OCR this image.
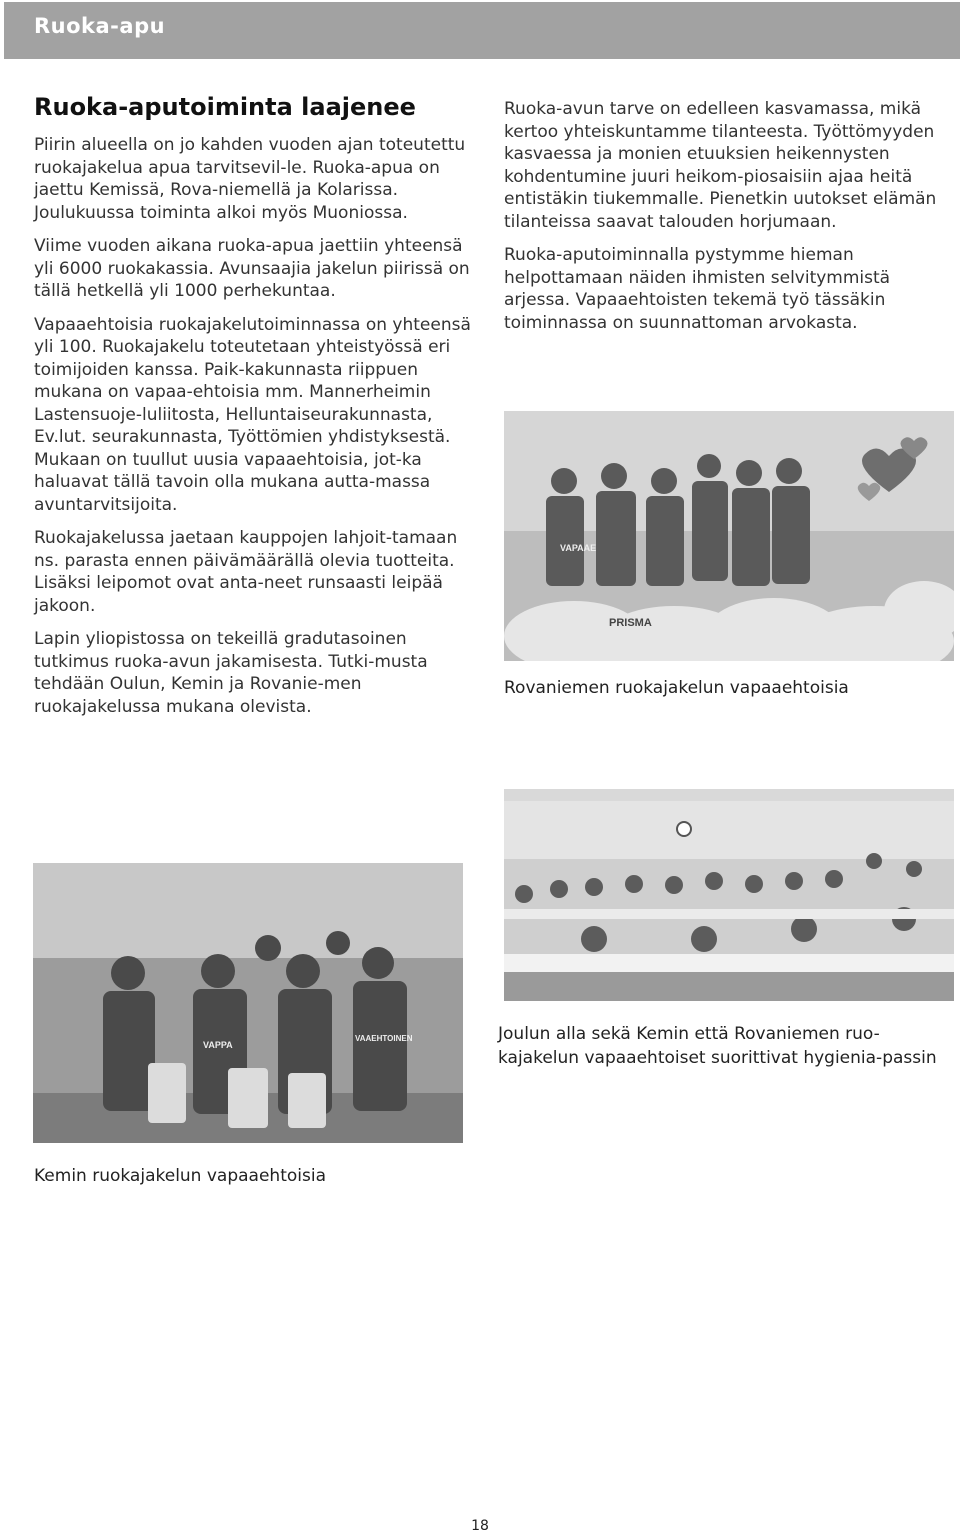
Ruoka-apu
Ruoka-aputoiminta laajenee

Piirin alueella on jo kahden vuoden ajan toteutettu ruokajakelua apua tarvitsevil-le. Ruoka-apua on jaettu Kemissä, Rova-niemellä ja Kolarissa. Joulukuussa toiminta alkoi myös Muoniossa.

Viime vuoden aikana ruoka-apua jaettiin yhteensä yli 6000 ruokakassia. Avunsaajia jakelun piirissä on tällä hetkellä yli 1000 perhekuntaa.

Vapaaehtoisia ruokajakelutoiminnassa on yhteensä yli 100. Ruokajakelu toteutetaan yhteistyössä eri toimijoiden kanssa. Paik-kakunnasta riippuen mukana on vapaa-ehtoisia mm. Mannerheimin Lastensuoje-luliitosta, Helluntaiseurakunnasta, Ev.lut. seurakunnasta, Työttömien yhdistyksestä. Mukaan on tuullut uusia vapaaehtoisia, jot-ka haluavat tällä tavoin olla mukana autta-massa avuntarvitsijoita.

Ruokajakelussa jaetaan kauppojen lahjoit-tamaan ns. parasta ennen päivämäärällä olevia tuotteita. Lisäksi leipomot ovat anta-neet runsaasti leipää jakoon.

Lapin yliopistossa on tekeillä gradutasoinen tutkimus ruoka-avun jakamisesta. Tutki-musta tehdään Oulun, Kemin ja Rovanie-men ruokajakelussa mukana olevista.

Ruoka-avun tarve on edelleen kasvamassa, mikä kertoo yhteiskuntamme tilanteesta. Työttömyyden kasvaessa ja monien etuuksien heikennysten kohdentumine juuri heikom-piosaisiin ajaa heitä entistäkin tiukemmalle. Pienetkin uutokset elämän tilanteissa saavat talouden horjumaan.

Ruoka-aputoiminnalla pystymme hieman helpottamaan näiden ihmisten selvitymmistä arjessa. Vapaaehtoisten tekemä työ tässäkin toiminnassa on suunnattoman arvokasta.

VAPAAE
PRISMA

Rovaniemen ruokajakelun vapaaehtoisia

Joulun alla sekä Kemin että Rovaniemen ruo-kajakelun vapaaehtoiset suorittivat hygienia-passin

VAPPA
VAAEHTOINEN

Kemin ruokajakelun vapaaehtoisia

18
